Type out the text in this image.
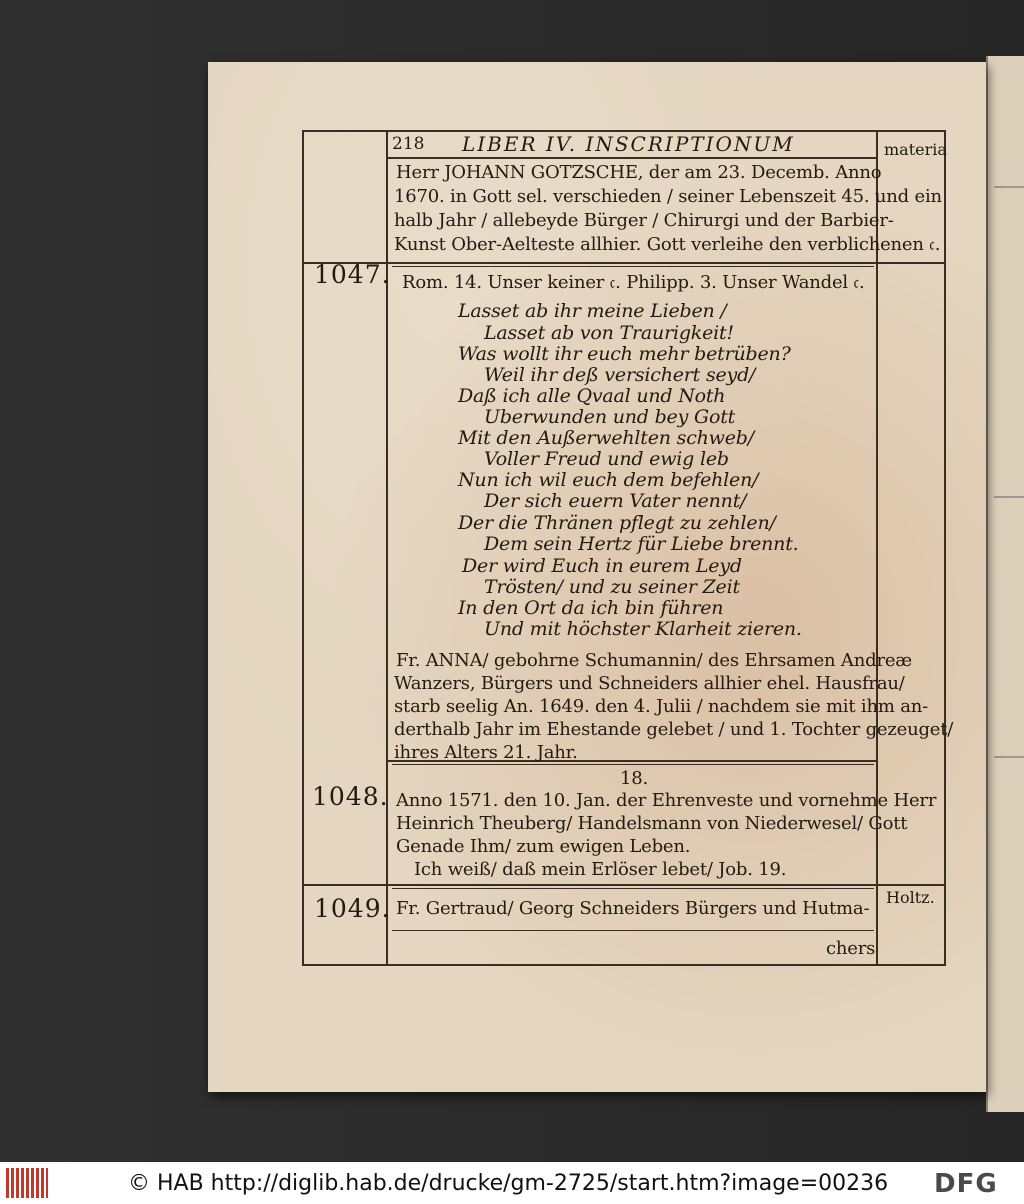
218 LIBER IV. INSCRIPTIONUM	materia
Herr JOHANN GOTZSCHE, der am 23. Decemb. Anno
1670. in Gott sel. verschieden / seiner Lebenszeit 45. und ein
halb Jahr / allebeyde Bürger / Chirurgi und der Barbier-
Kunst Ober-Aelteste allhier. Gott verleihe den verblichenen 𝔠.
1047. Rom. 14. Unser keiner 𝔠. Philipp. 3. Unser Wandel 𝔠.
Lasset ab ihr meine Lieben /
Lasset ab von Traurigkeit!
Was wollt ihr euch mehr betrüben?
Weil ihr deß versichert seyd/
Daß ich alle Qvaal und Noth
Uberwunden und bey Gott
Mit den Außerwehlten schweb/
Voller Freud und ewig leb
Nun ich wil euch dem befehlen/
Der sich euern Vater nennt/
Der die Thränen pflegt zu zehlen/
Dem sein Hertz für Liebe brennt.
Der wird Euch in eurem Leyd
Trösten/ und zu seiner Zeit
In den Ort da ich bin führen
Und mit höchster Klarheit zieren.
Fr. ANNA/ gebohrne Schumannin/ des Ehrsamen Andreæ
Wanzers, Bürgers und Schneiders allhier ehel. Hausfrau/
starb seelig An. 1649. den 4. Julii / nachdem sie mit ihm an-
derthalb Jahr im Ehestande gelebet / und 1. Tochter gezeuget/
ihres Alters 21. Jahr.
18.
1048. Anno 1571. den 10. Jan. der Ehrenveste und vornehme Herr
Heinrich Theuberg/ Handelsmann von Niederwesel/ Gott
Genade Ihm/ zum ewigen Leben.
Ich weiß/ daß mein Erlöser lebet/ Job. 19.
1049. Fr. Gertraud/ Georg Schneiders Bürgers und Hutma-
Holtz.
chers
© HAB http://diglib.hab.de/drucke/gm-2725/start.htm?image=00236 DFG
